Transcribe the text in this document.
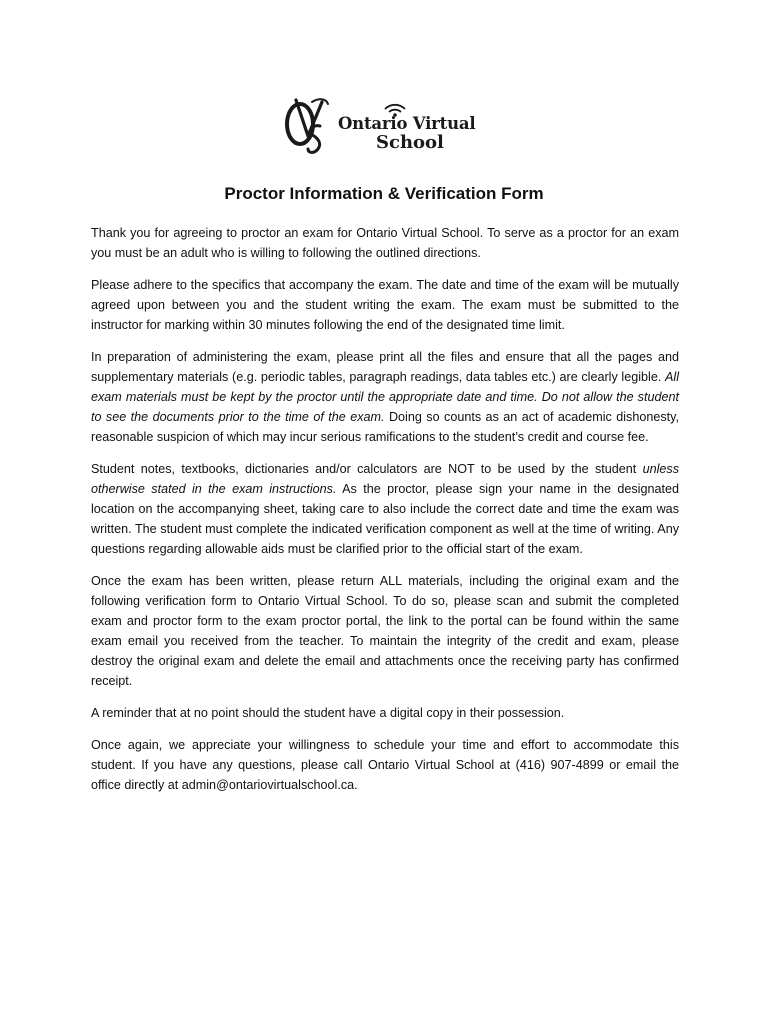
Ontario Virtual
School
Proctor Information & Verification Form

Thank you for agreeing to proctor an exam for Ontario Virtual School. To serve as a proctor for an exam you must be an adult who is willing to following the outlined directions.

Please adhere to the specifics that accompany the exam. The date and time of the exam will be mutually agreed upon between you and the student writing the exam. The exam must be submitted to the instructor for marking within 30 minutes following the end of the designated time limit.

In preparation of administering the exam, please print all the files and ensure that all the pages and supplementary materials (e.g. periodic tables, paragraph readings, data tables etc.) are clearly legible. All exam materials must be kept by the proctor until the appropriate date and time. Do not allow the student to see the documents prior to the time of the exam. Doing so counts as an act of academic dishonesty, reasonable suspicion of which may incur serious ramifications to the student’s credit and course fee.

Student notes, textbooks, dictionaries and/or calculators are NOT to be used by the student unless otherwise stated in the exam instructions. As the proctor, please sign your name in the designated location on the accompanying sheet, taking care to also include the correct date and time the exam was written. The student must complete the indicated verification component as well at the time of writing. Any questions regarding allowable aids must be clarified prior to the official start of the exam.

Once the exam has been written, please return ALL materials, including the original exam and the following verification form to Ontario Virtual School. To do so, please scan and submit the completed exam and proctor form to the exam proctor portal, the link to the portal can be found within the same exam email you received from the teacher. To maintain the integrity of the credit and exam, please destroy the original exam and delete the email and attachments once the receiving party has confirmed receipt.

A reminder that at no point should the student have a digital copy in their possession.

Once again, we appreciate your willingness to schedule your time and effort to accommodate this student. If you have any questions, please call Ontario Virtual School at (416) 907-4899 or email the office directly at admin@ontariovirtualschool.ca.
